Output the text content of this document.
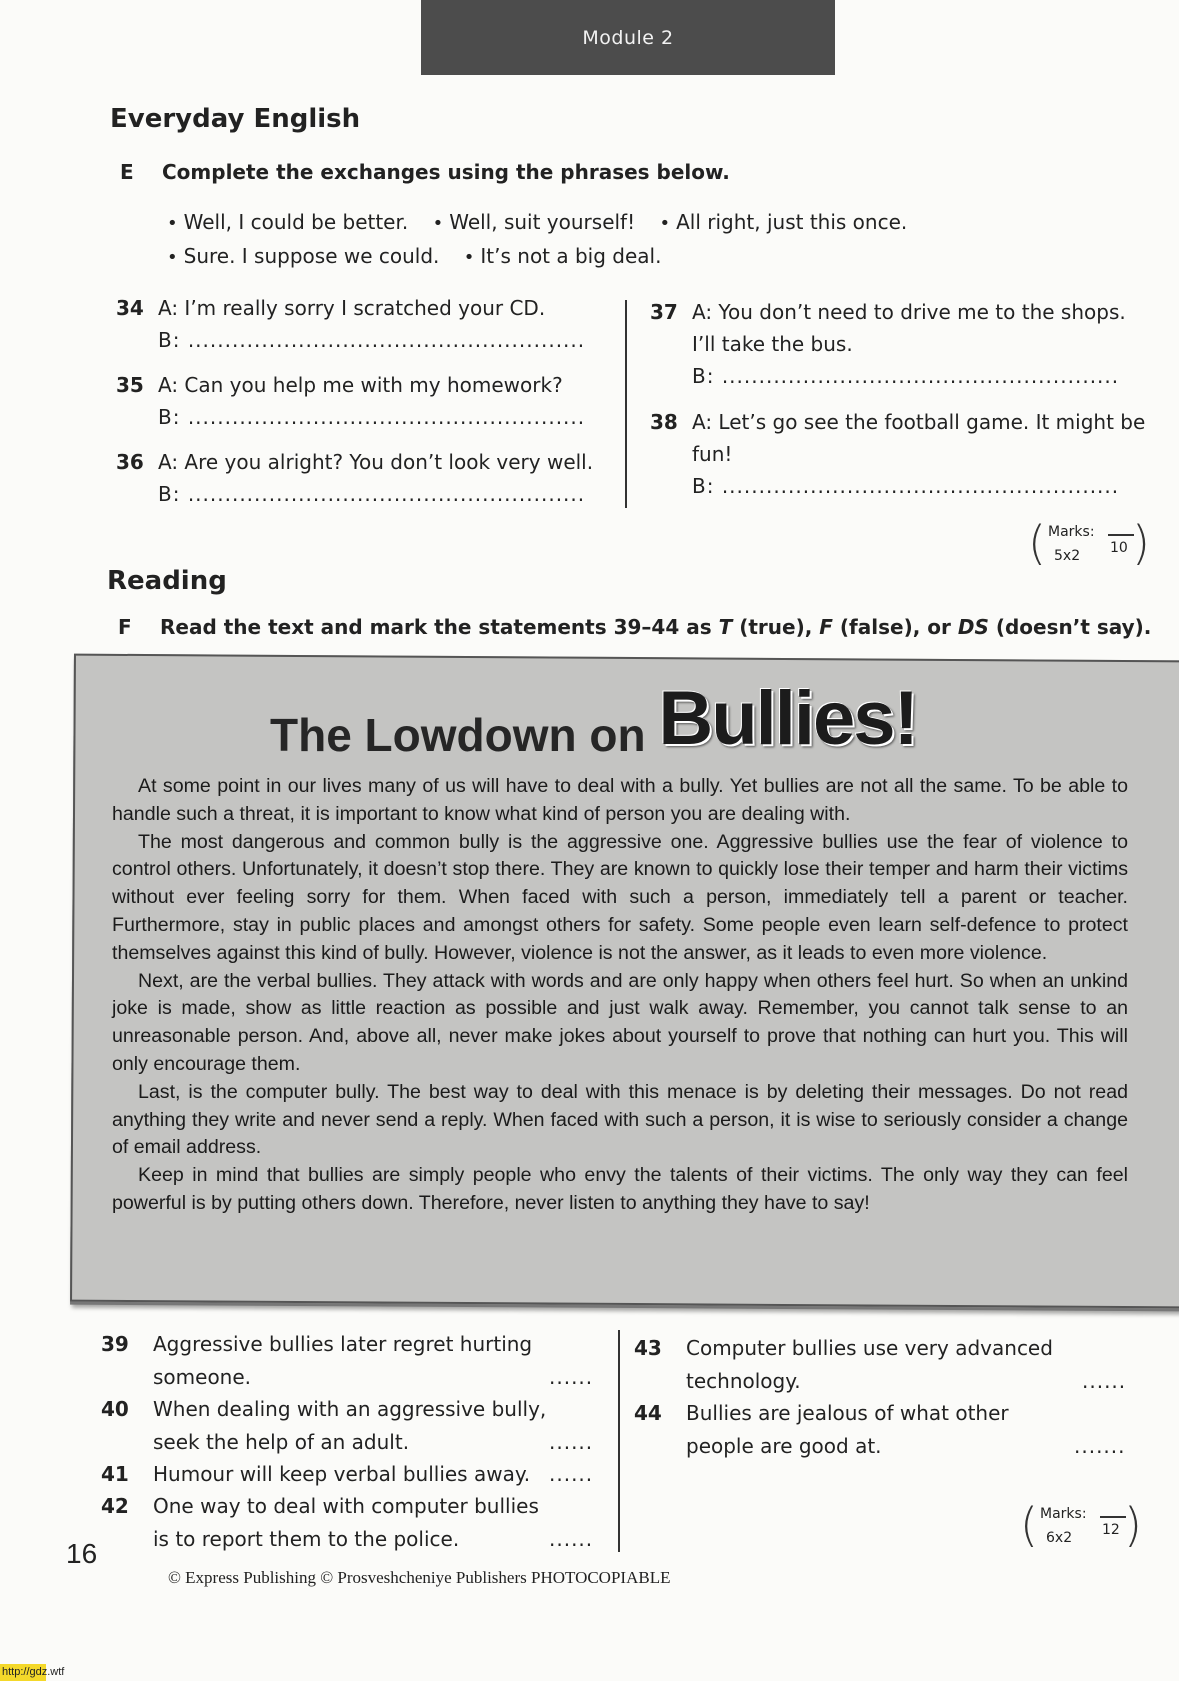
Module 2
Everyday English
E Complete the exchanges using the phrases below.
• Well, I could be better. • Well, suit yourself! • All right, just this once.
• Sure. I suppose we could. • It’s not a big deal.
34 A: I’m really sorry I scratched your CD.
B: ......................................................
35 A: Can you help me with my homework?
B: ......................................................
36 A: Are you alright? You don’t look very well.
B: ......................................................
37 A: You don’t need to drive me to the shops.
I’ll take the bus.
B: ......................................................
38 A: Let’s go see the football game. It might be
fun!
B: ......................................................
( Marks:
5x2 10 )
Reading
F Read the text and mark the statements 39–44 as T (true), F (false), or DS (doesn’t say).
The Lowdown on Bullies!

At some point in our lives many of us will have to deal with a bully. Yet bullies are not all the same. To be able to handle such a threat, it is important to know what kind of person you are dealing with.

The most dangerous and common bully is the aggressive one. Aggressive bullies use the fear of violence to control others. Unfortunately, it doesn’t stop there. They are known to quickly lose their temper and harm their victims without ever feeling sorry for them. When faced with such a person, immediately tell a parent or teacher. Furthermore, stay in public places and amongst others for safety. Some people even learn self-defence to protect themselves against this kind of bully. However, violence is not the answer, as it leads to even more violence.

Next, are the verbal bullies. They attack with words and are only happy when others feel hurt. So when an unkind joke is made, show as little reaction as possible and just walk away. Remember, you cannot talk sense to an unreasonable person. And, above all, never make jokes about yourself to prove that nothing can hurt you. This will only encourage them.

Last, is the computer bully. The best way to deal with this menace is by deleting their messages. Do not read anything they write and never send a reply. When faced with such a person, it is wise to seriously consider a change of email address.

Keep in mind that bullies are simply people who envy the talents of their victims. The only way they can feel powerful is by putting others down. Therefore, never listen to anything they have to say!

39 Aggressive bullies later regret hurting
someone.	......
40 When dealing with an aggressive bully,
seek the help of an adult.	......
41 Humour will keep verbal bullies away. ......
42 One way to deal with computer bullies
is to report them to the police.	......
43 Computer bullies use very advanced
technology.	......
44 Bullies are jealous of what other
people are good at.	.......
( Marks:
6x2 12 )
16
© Express Publishing © Prosveshcheniye Publishers PHOTOCOPIABLE
http://gdz.wtf
